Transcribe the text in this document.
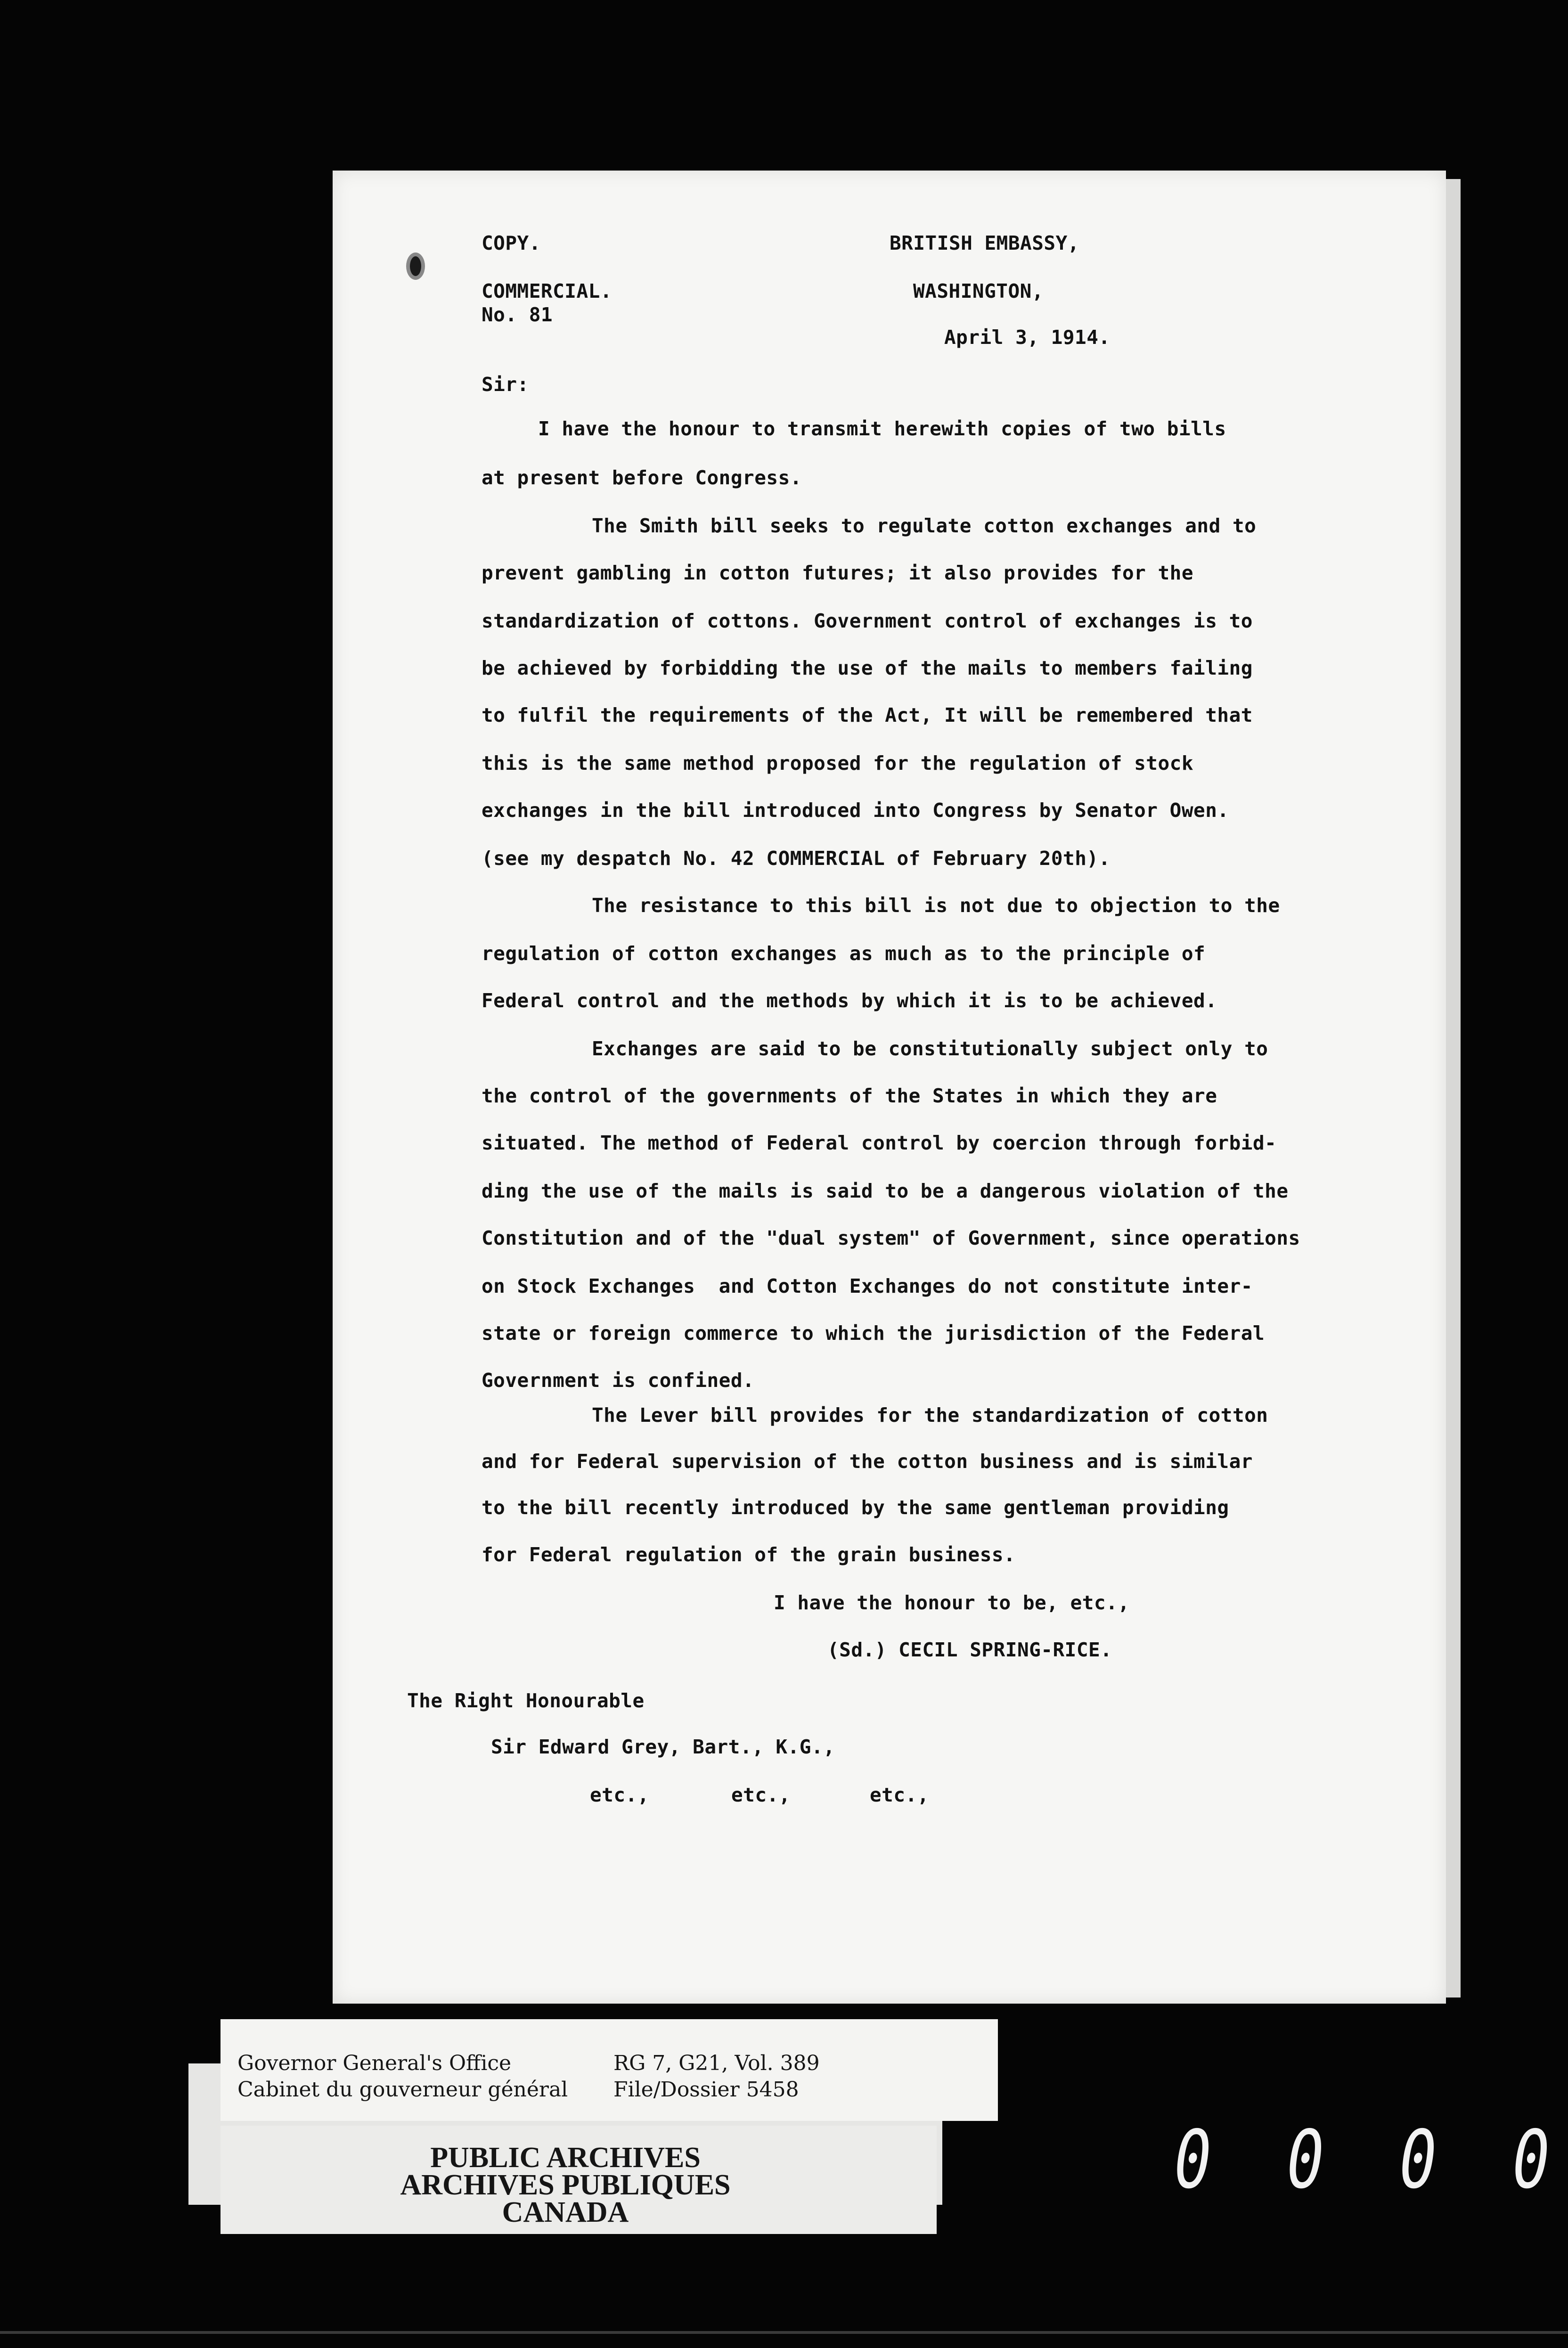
COPY.

COMMERCIAL.

No. 81

BRITISH EMBASSY,

WASHINGTON,

April 3, 1914.

Sir:

I have the honour to transmit herewith copies of two bills

at present before Congress.

The Smith bill seeks to regulate cotton exchanges and to

prevent gambling in cotton futures; it also provides for the

standardization of cottons. Government control of exchanges is to

be achieved by forbidding the use of the mails to members failing

to fulfil the requirements of the Act, It will be remembered that

this is the same method proposed for the regulation of stock

exchanges in the bill introduced into Congress by Senator Owen.

(see my despatch No. 42 COMMERCIAL of February 20th).

The resistance to this bill is not due to objection to the

regulation of cotton exchanges as much as to the principle of

Federal control and the methods by which it is to be achieved.

Exchanges are said to be constitutionally subject only to

the control of the governments of the States in which they are

situated. The method of Federal control by coercion through forbid-

ding the use of the mails is said to be a dangerous violation of the

Constitution and of the "dual system" of Government, since operations

on Stock Exchanges  and Cotton Exchanges do not constitute inter-

state or foreign commerce to which the jurisdiction of the Federal

Government is confined.

The Lever bill provides for the standardization of cotton

and for Federal supervision of the cotton business and is similar

to the bill recently introduced by the same gentleman providing

for Federal regulation of the grain business.

I have the honour to be, etc.,

(Sd.) CECIL SPRING-RICE.

The Right Honourable

Sir Edward Grey, Bart., K.G.,

etc.,	etc.,	etc.,

Governor General's Office

Cabinet du gouverneur général

RG 7, G21, Vol. 389

File/Dossier 5458

PUBLIC ARCHIVES

ARCHIVES PUBLIQUES

CANADA

0 0 0 0
